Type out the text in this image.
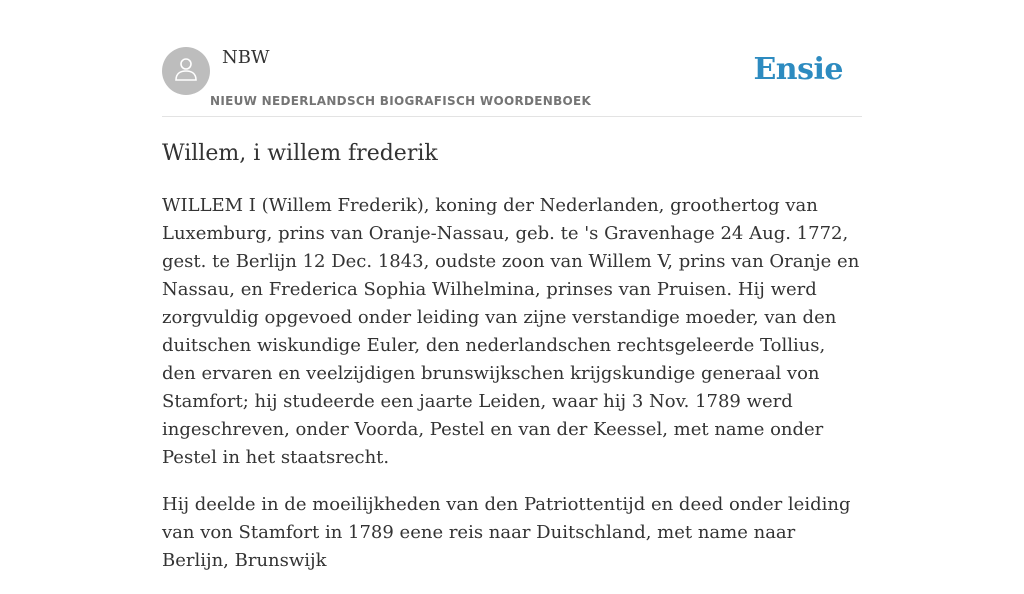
NBW
NIEUW NEDERLANDSCH BIOGRAFISCH WOORDENBOEK
Ensie
Willem, i willem frederik

WILLEM I (Willem Frederik), koning der Nederlanden, groothertog van Luxemburg, prins van Oranje-Nassau, geb. te 's Gravenhage 24 Aug. 1772, gest. te Berlijn 12 Dec. 1843, oudste zoon van Willem V, prins van Oranje en Nassau, en Frederica Sophia Wilhelmina, prinses van Pruisen. Hij werd zorgvuldig opgevoed onder leiding van zijne verstandige moeder, van den duitschen wiskundige Euler, den nederlandschen rechtsgeleerde Tollius, den ervaren en veelzijdigen brunswijkschen krijgskundige generaal von Stamfort; hij studeerde een jaarte Leiden, waar hij 3 Nov. 1789 werd ingeschreven, onder Voorda, Pestel en van der Keessel, met name onder Pestel in het staatsrecht.

Hij deelde in de moeilijkheden van den Patriottentijd en deed onder leiding van von Stamfort in 1789 eene reis naar Duitschland, met name naar Berlijn, Brunswijk
